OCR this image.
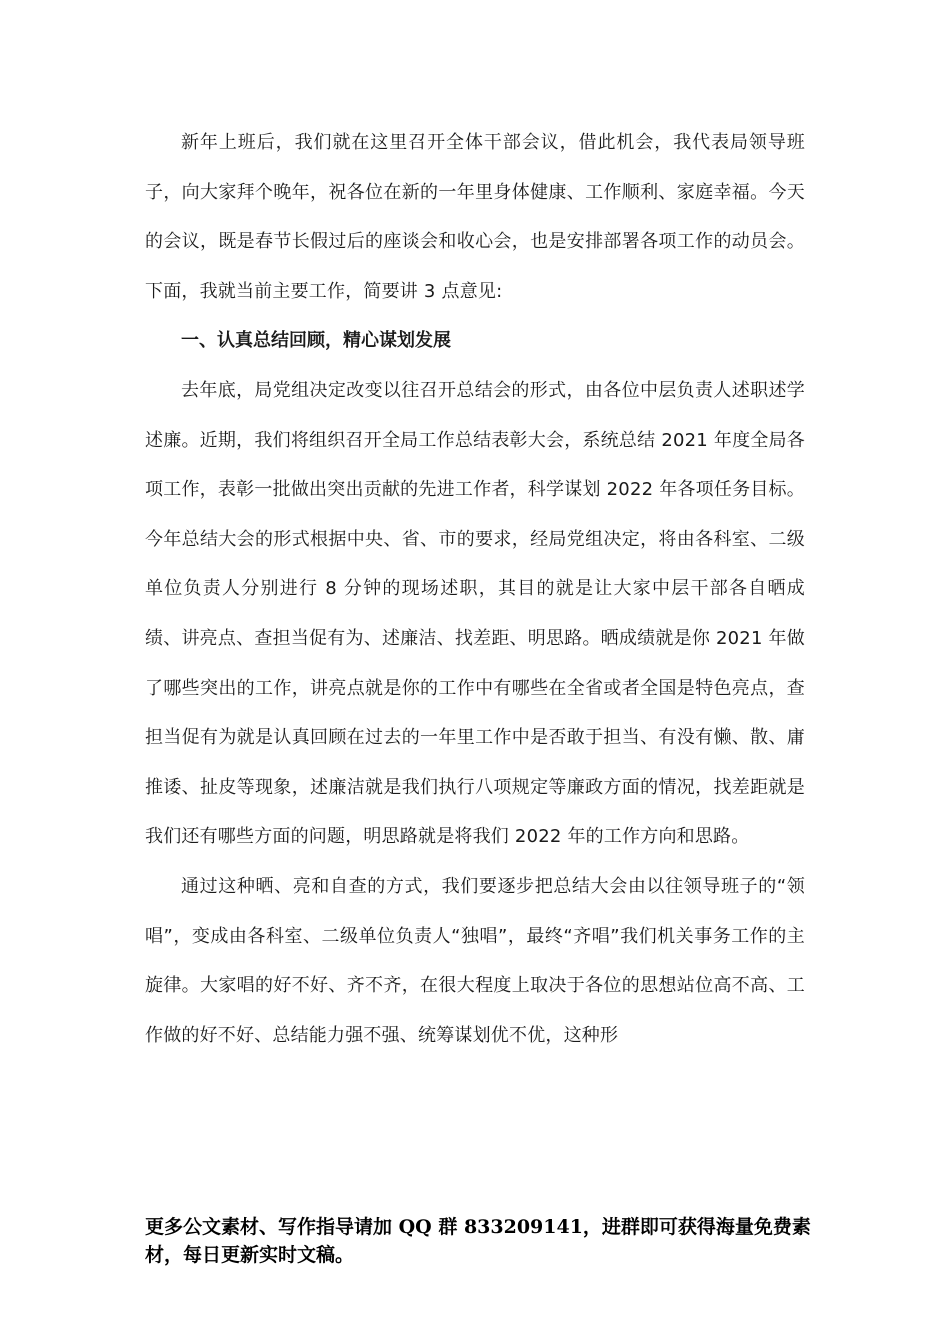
新年上班后，我们就在这里召开全体干部会议，借此机会，我代表局领导班子，向大家拜个晚年，祝各位在新的一年里身体健康、工作顺利、家庭幸福。今天的会议，既是春节长假过后的座谈会和收心会，也是安排部署各项工作的动员会。下面，我就当前主要工作，简要讲 3 点意见:

一、认真总结回顾，精心谋划发展

去年底，局党组决定改变以往召开总结会的形式，由各位中层负责人述职述学述廉。近期，我们将组织召开全局工作总结表彰大会，系统总结 2021 年度全局各项工作，表彰一批做出突出贡献的先进工作者，科学谋划 2022 年各项任务目标。今年总结大会的形式根据中央、省、市的要求，经局党组决定，将由各科室、二级单位负责人分别进行 8 分钟的现场述职，其目的就是让大家中层干部各自晒成绩、讲亮点、查担当促有为、述廉洁、找差距、明思路。晒成绩就是你 2021 年做了哪些突出的工作，讲亮点就是你的工作中有哪些在全省或者全国是特色亮点，查担当促有为就是认真回顾在过去的一年里工作中是否敢于担当、有没有懒、散、庸推诿、扯皮等现象，述廉洁就是我们执行八项规定等廉政方面的情况，找差距就是我们还有哪些方面的问题，明思路就是将我们 2022 年的工作方向和思路。

通过这种晒、亮和自查的方式，我们要逐步把总结大会由以往领导班子的“领唱”，变成由各科室、二级单位负责人“独唱”，最终“齐唱”我们机关事务工作的主旋律。大家唱的好不好、齐不齐，在很大程度上取决于各位的思想站位高不高、工作做的好不好、总结能力强不强、统筹谋划优不优，这种形

更多公文素材、写作指导请加 QQ 群 833209141，进群即可获得海量免费素材，每日更新实时文稿。
